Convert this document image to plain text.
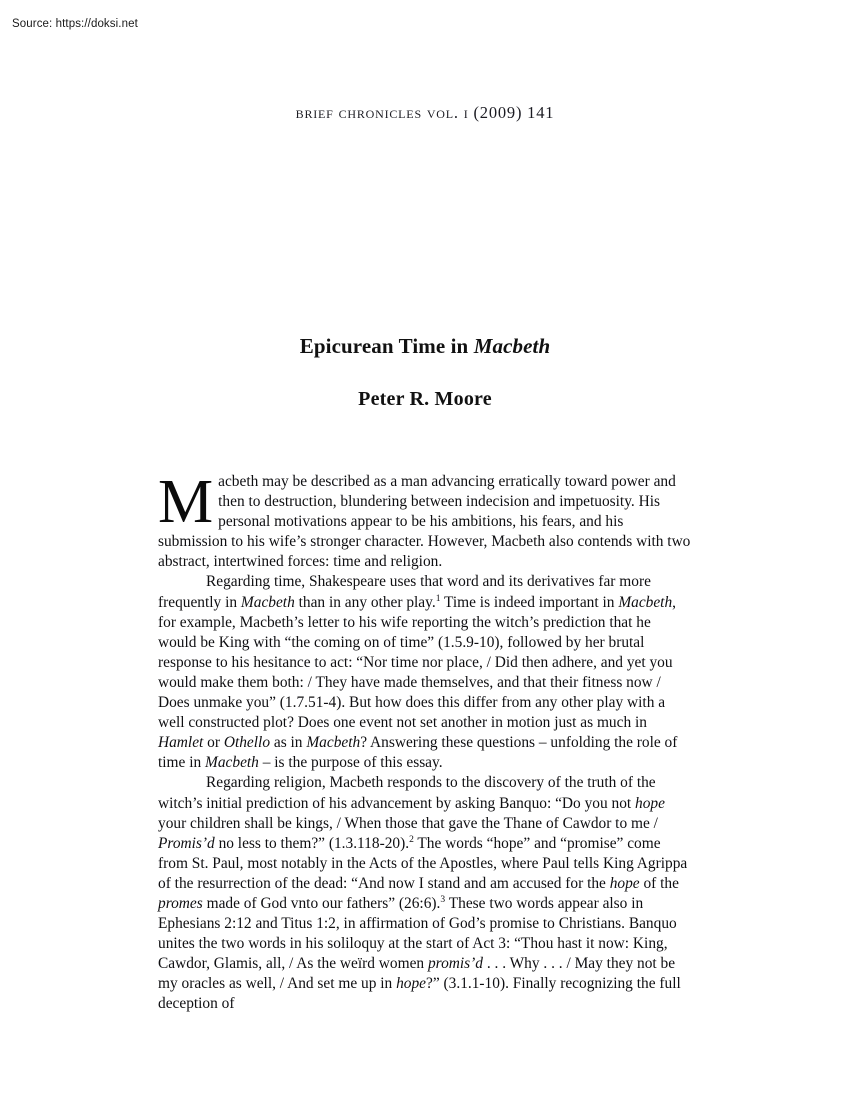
Source: https://doksi.net
brief chronicles vol. i (2009) 141
Epicurean Time in Macbeth
Peter R. Moore

Macbeth may be described as a man advancing erratically toward power and then to destruction, blundering between indecision and impetuosity. His personal motivations appear to be his ambitions, his fears, and his submission to his wife’s stronger character. However, Macbeth also contends with two abstract, intertwined forces: time and religion.

Regarding time, Shakespeare uses that word and its derivatives far more frequently in Macbeth than in any other play.$^1$ Time is indeed important in Macbeth, for example, Macbeth’s letter to his wife reporting the witch’s prediction that he would be King with “the coming on of time” (1.5.9-10), followed by her brutal response to his hesitance to act: “Nor time nor place, / Did then adhere, and yet you would make them both: / They have made themselves, and that their fitness now / Does unmake you” (1.7.51-4). But how does this differ from any other play with a well constructed plot? Does one event not set another in motion just as much in Hamlet or Othello as in Macbeth? Answering these questions – unfolding the role of time in Macbeth – is the purpose of this essay.

Regarding religion, Macbeth responds to the discovery of the truth of the witch’s initial prediction of his advancement by asking Banquo: “Do you not hope your children shall be kings, / When those that gave the Thane of Cawdor to me / Promis’d no less to them?” (1.3.118-20).$^2$ The words “hope” and “promise” come from St. Paul, most notably in the Acts of the Apostles, where Paul tells King Agrippa of the resurrection of the dead: “And now I stand and am accused for the hope of the promes made of God vnto our fathers” (26:6).$^3$ These two words appear also in Ephesians 2:12 and Titus 1:2, in affirmation of God’s promise to Christians. Banquo unites the two words in his soliloquy at the start of Act 3: “Thou hast it now: King, Cawdor, Glamis, all, / As the weïrd women promis’d . . . Why . . . / May they not be my oracles as well, / And set me up in hope?” (3.1.1-10). Finally recognizing the full deception of
